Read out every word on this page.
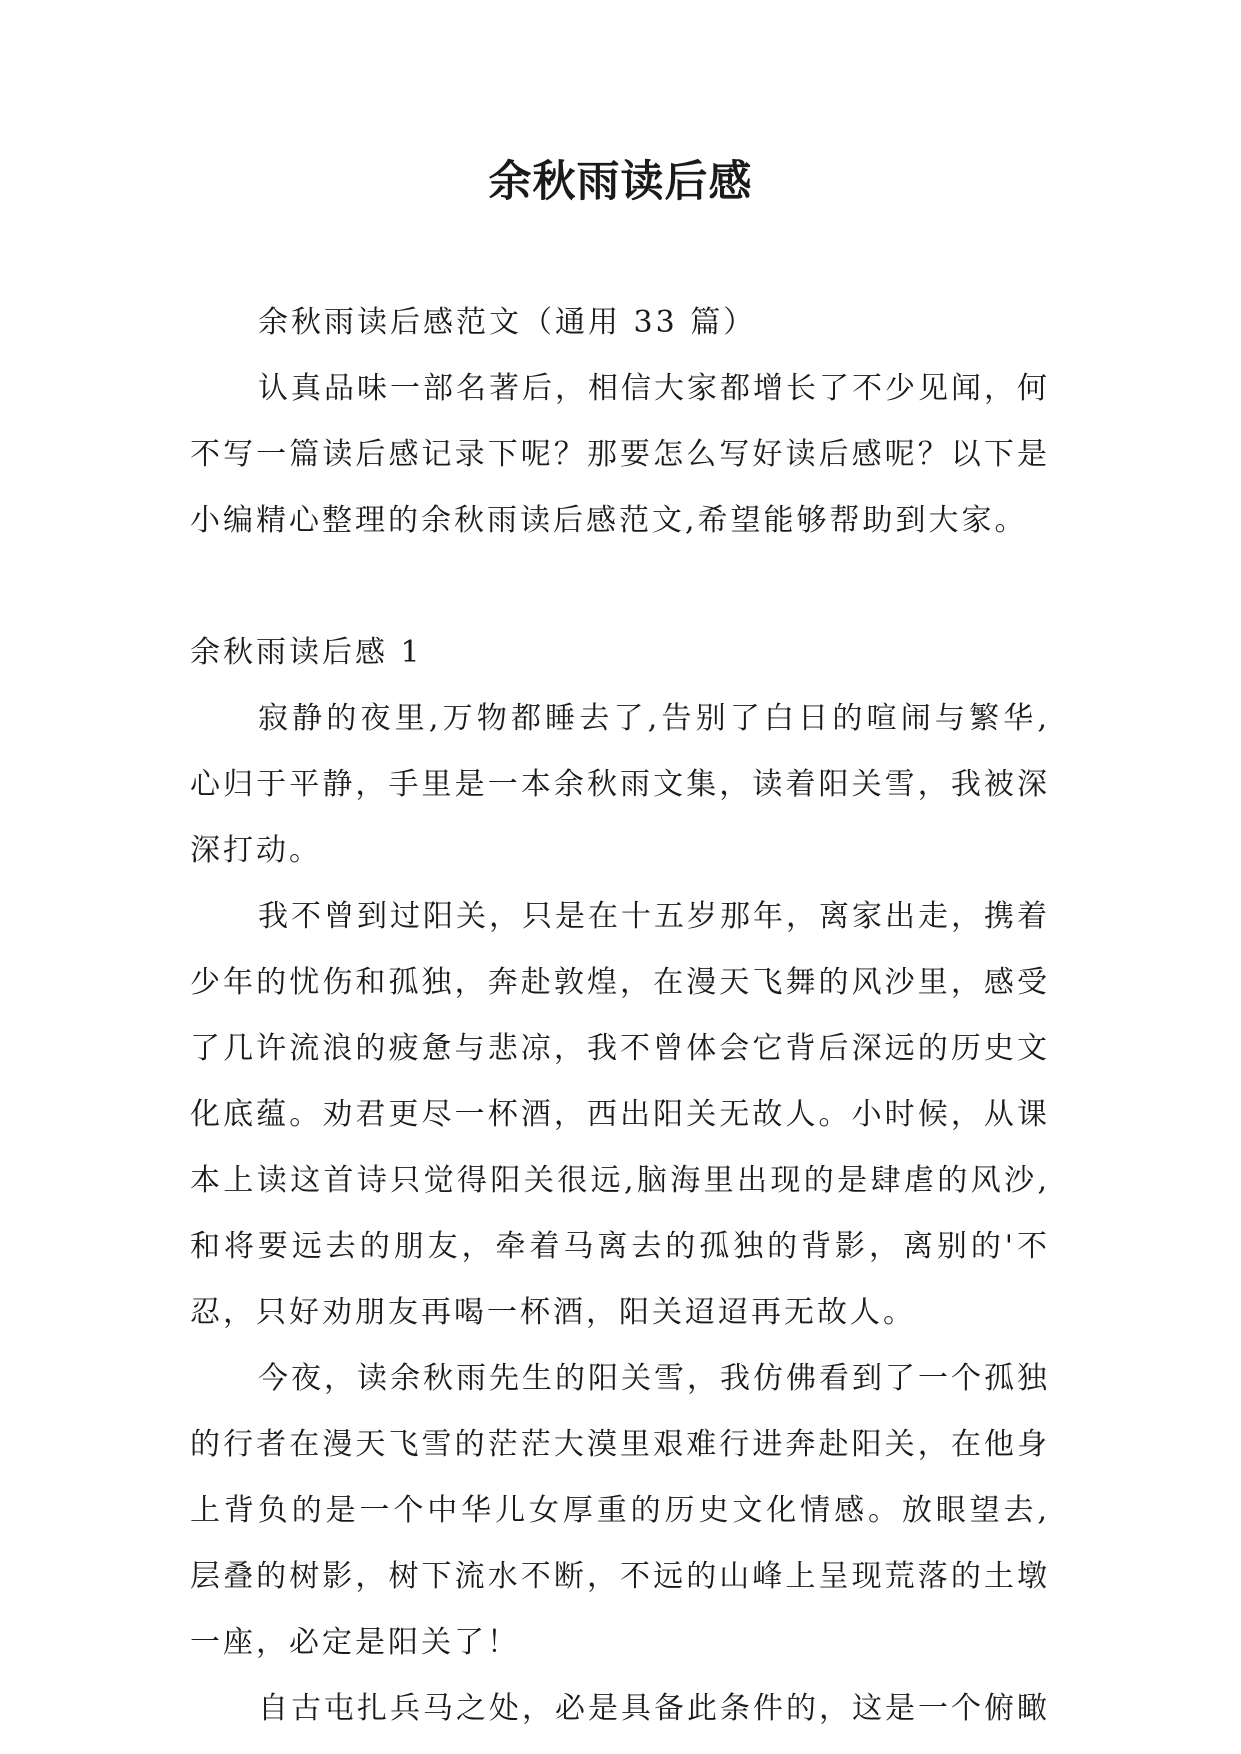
余秋雨读后感

余秋雨读后感范文（通用 33 篇）

认真品味一部名著后，相信大家都增长了不少见闻，何不写一篇读后感记录下呢？那要怎么写好读后感呢？以下是小编精心整理的余秋雨读后感范文,希望能够帮助到大家。

余秋雨读后感 1

寂静的夜里,万物都睡去了,告别了白日的喧闹与繁华,心归于平静，手里是一本余秋雨文集，读着阳关雪，我被深深打动。

我不曾到过阳关，只是在十五岁那年，离家出走，携着少年的忧伤和孤独，奔赴敦煌，在漫天飞舞的风沙里，感受了几许流浪的疲惫与悲凉，我不曾体会它背后深远的历史文化底蕴。劝君更尽一杯酒，西出阳关无故人。小时候，从课本上读这首诗只觉得阳关很远,脑海里出现的是肆虐的风沙,和将要远去的朋友，牵着马离去的孤独的背影，离别的'不忍，只好劝朋友再喝一杯酒，阳关迢迢再无故人。

今夜，读余秋雨先生的阳关雪，我仿佛看到了一个孤独的行者在漫天飞雪的茫茫大漠里艰难行进奔赴阳关，在他身上背负的是一个中华儿女厚重的历史文化情感。放眼望去,层叠的树影，树下流水不断，不远的山峰上呈现荒落的土墩一座，必定是阳关了！

自古屯扎兵马之处，必是具备此条件的，这是一个俯瞰
